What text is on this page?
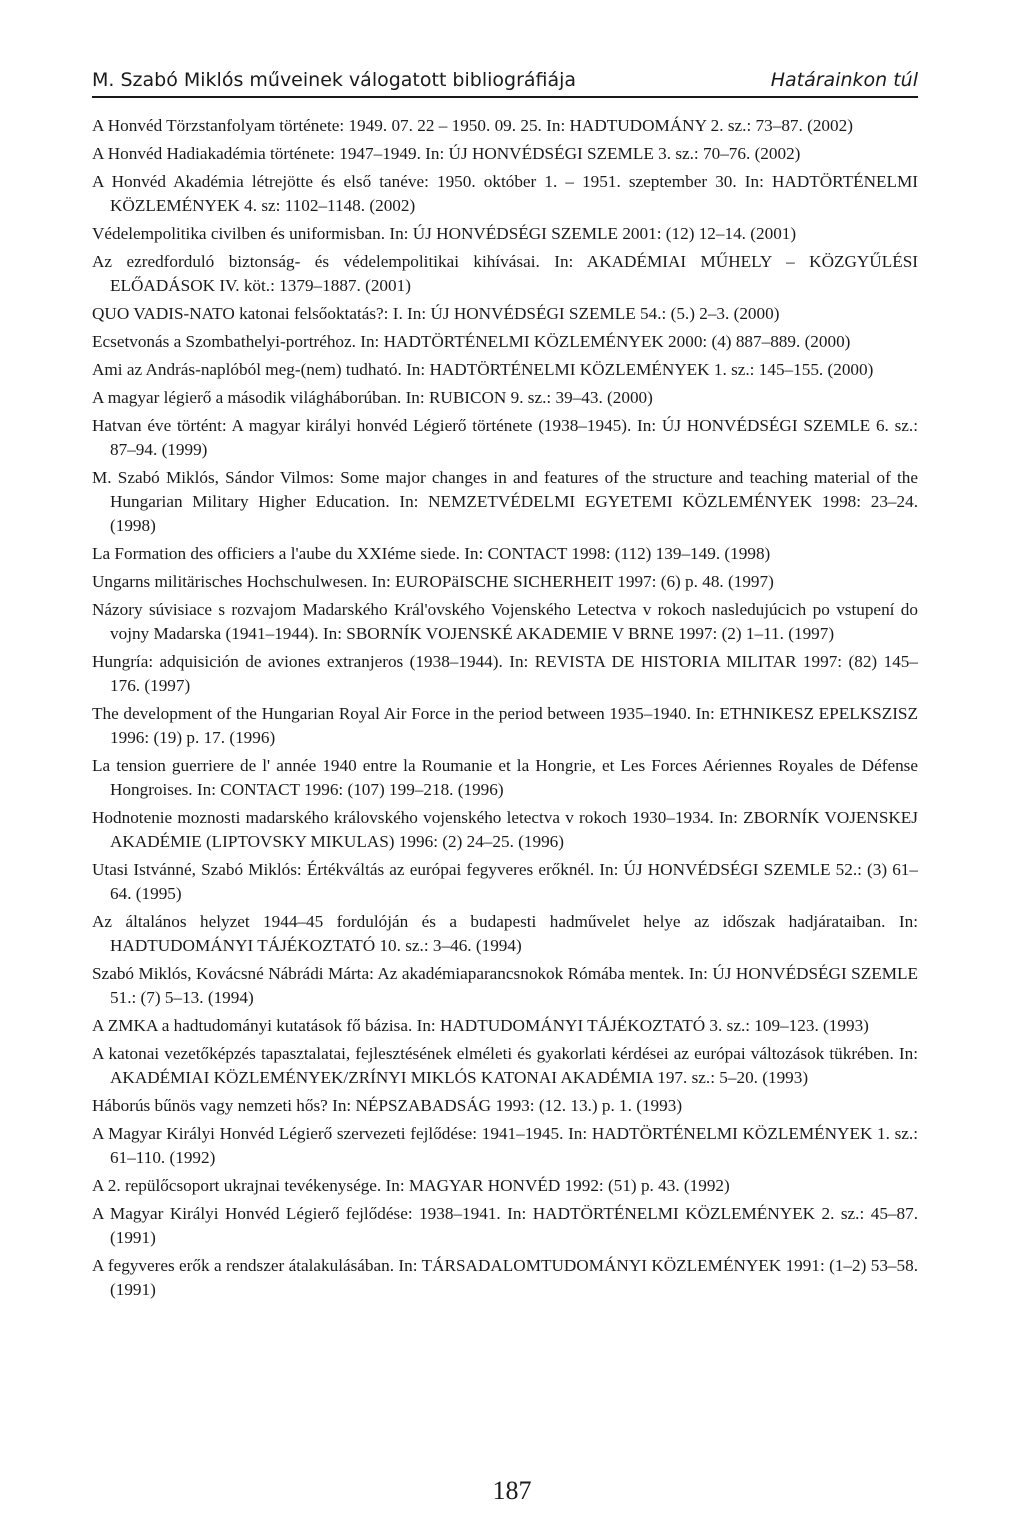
M. Szabó Miklós műveinek válogatott bibliográfiája	Határainkon túl

A Honvéd Törzstanfolyam története: 1949. 07. 22 – 1950. 09. 25. In: HADTUDOMÁNY 2. sz.: 73–87. (2002)

A Honvéd Hadiakadémia története: 1947–1949. In: ÚJ HONVÉDSÉGI SZEMLE 3. sz.: 70–76. (2002)

A Honvéd Akadémia létrejötte és első tanéve: 1950. október 1. – 1951. szeptember 30. In: HADTÖRTÉNELMI KÖZLEMÉNYEK 4. sz: 1102–1148. (2002)

Védelempolitika civilben és uniformisban. In: ÚJ HONVÉDSÉGI SZEMLE 2001: (12) 12–14. (2001)

Az ezredforduló biztonság- és védelempolitikai kihívásai. In: AKADÉMIAI MŰHELY – KÖZGYŰLÉSI ELŐADÁSOK IV. köt.: 1379–1887. (2001)

QUO VADIS-NATO katonai felsőoktatás?: I. In: ÚJ HONVÉDSÉGI SZEMLE 54.: (5.) 2–3. (2000)

Ecsetvonás a Szombathelyi-portréhoz. In: HADTÖRTÉNELMI KÖZLEMÉNYEK 2000: (4) 887–889. (2000)

Ami az András-naplóból meg-(nem) tudható. In: HADTÖRTÉNELMI KÖZLEMÉNYEK 1. sz.: 145–155. (2000)

A magyar légierő a második világháborúban. In: RUBICON 9. sz.: 39–43. (2000)

Hatvan éve történt: A magyar királyi honvéd Légierő története (1938–1945). In: ÚJ HONVÉDSÉGI SZEMLE 6. sz.: 87–94. (1999)

M. Szabó Miklós, Sándor Vilmos: Some major changes in and features of the structure and teaching material of the Hungarian Military Higher Education. In: NEMZETVÉDELMI EGYETEMI KÖZLEMÉNYEK 1998: 23–24. (1998)

La Formation des officiers a l'aube du XXIéme siede. In: CONTACT 1998: (112) 139–149. (1998)

Ungarns militärisches Hochschulwesen. In: EUROPäISCHE SICHERHEIT 1997: (6) p. 48. (1997)

Názory súvisiace s rozvajom Madarského Král'ovského Vojenského Letectva v rokoch nasledujúcich po vstupení do vojny Madarska (1941–1944). In: SBORNÍK VOJENSKÉ AKADEMIE V BRNE 1997: (2) 1–11. (1997)

Hungría: adquisición de aviones extranjeros (1938–1944). In: REVISTA DE HISTORIA MILITAR 1997: (82) 145–176. (1997)

The development of the Hungarian Royal Air Force in the period between 1935–1940. In: ETHNIKESZ EPELKSZISZ 1996: (19) p. 17. (1996)

La tension guerriere de l' année 1940 entre la Roumanie et la Hongrie, et Les Forces Aériennes Royales de Défense Hongroises. In: CONTACT 1996: (107) 199–218. (1996)

Hodnotenie moznosti madarského královského vojenského letectva v rokoch 1930–1934. In: ZBORNÍK VOJENSKEJ AKADÉMIE (LIPTOVSKY MIKULAS) 1996: (2) 24–25. (1996)

Utasi Istvánné, Szabó Miklós: Értékváltás az európai fegyveres erőknél. In: ÚJ HONVÉDSÉGI SZEMLE 52.: (3) 61–64. (1995)

Az általános helyzet 1944–45 fordulóján és a budapesti hadművelet helye az időszak hadjárataiban. In: HADTUDOMÁNYI TÁJÉKOZTATÓ 10. sz.: 3–46. (1994)

Szabó Miklós, Kovácsné Nábrádi Márta: Az akadémiaparancsnokok Rómába mentek. In: ÚJ HONVÉDSÉGI SZEMLE 51.: (7) 5–13. (1994)

A ZMKA a hadtudományi kutatások fő bázisa. In: HADTUDOMÁNYI TÁJÉKOZTATÓ 3. sz.: 109–123. (1993)

A katonai vezetőképzés tapasztalatai, fejlesztésének elméleti és gyakorlati kérdései az európai változások tükrében. In: AKADÉMIAI KÖZLEMÉNYEK/ZRÍNYI MIKLÓS KATONAI AKADÉMIA 197. sz.: 5–20. (1993)

Háborús bűnös vagy nemzeti hős? In: NÉPSZABADSÁG 1993: (12. 13.) p. 1. (1993)

A Magyar Királyi Honvéd Légierő szervezeti fejlődése: 1941–1945. In: HADTÖRTÉNELMI KÖZLEMÉNYEK 1. sz.: 61–110. (1992)

A 2. repülőcsoport ukrajnai tevékenysége. In: MAGYAR HONVÉD 1992: (51) p. 43. (1992)

A Magyar Királyi Honvéd Légierő fejlődése: 1938–1941. In: HADTÖRTÉNELMI KÖZLEMÉNYEK 2. sz.: 45–87. (1991)

A fegyveres erők a rendszer átalakulásában. In: TÁRSADALOMTUDOMÁNYI KÖZLEMÉNYEK 1991: (1–2) 53–58. (1991)

187
